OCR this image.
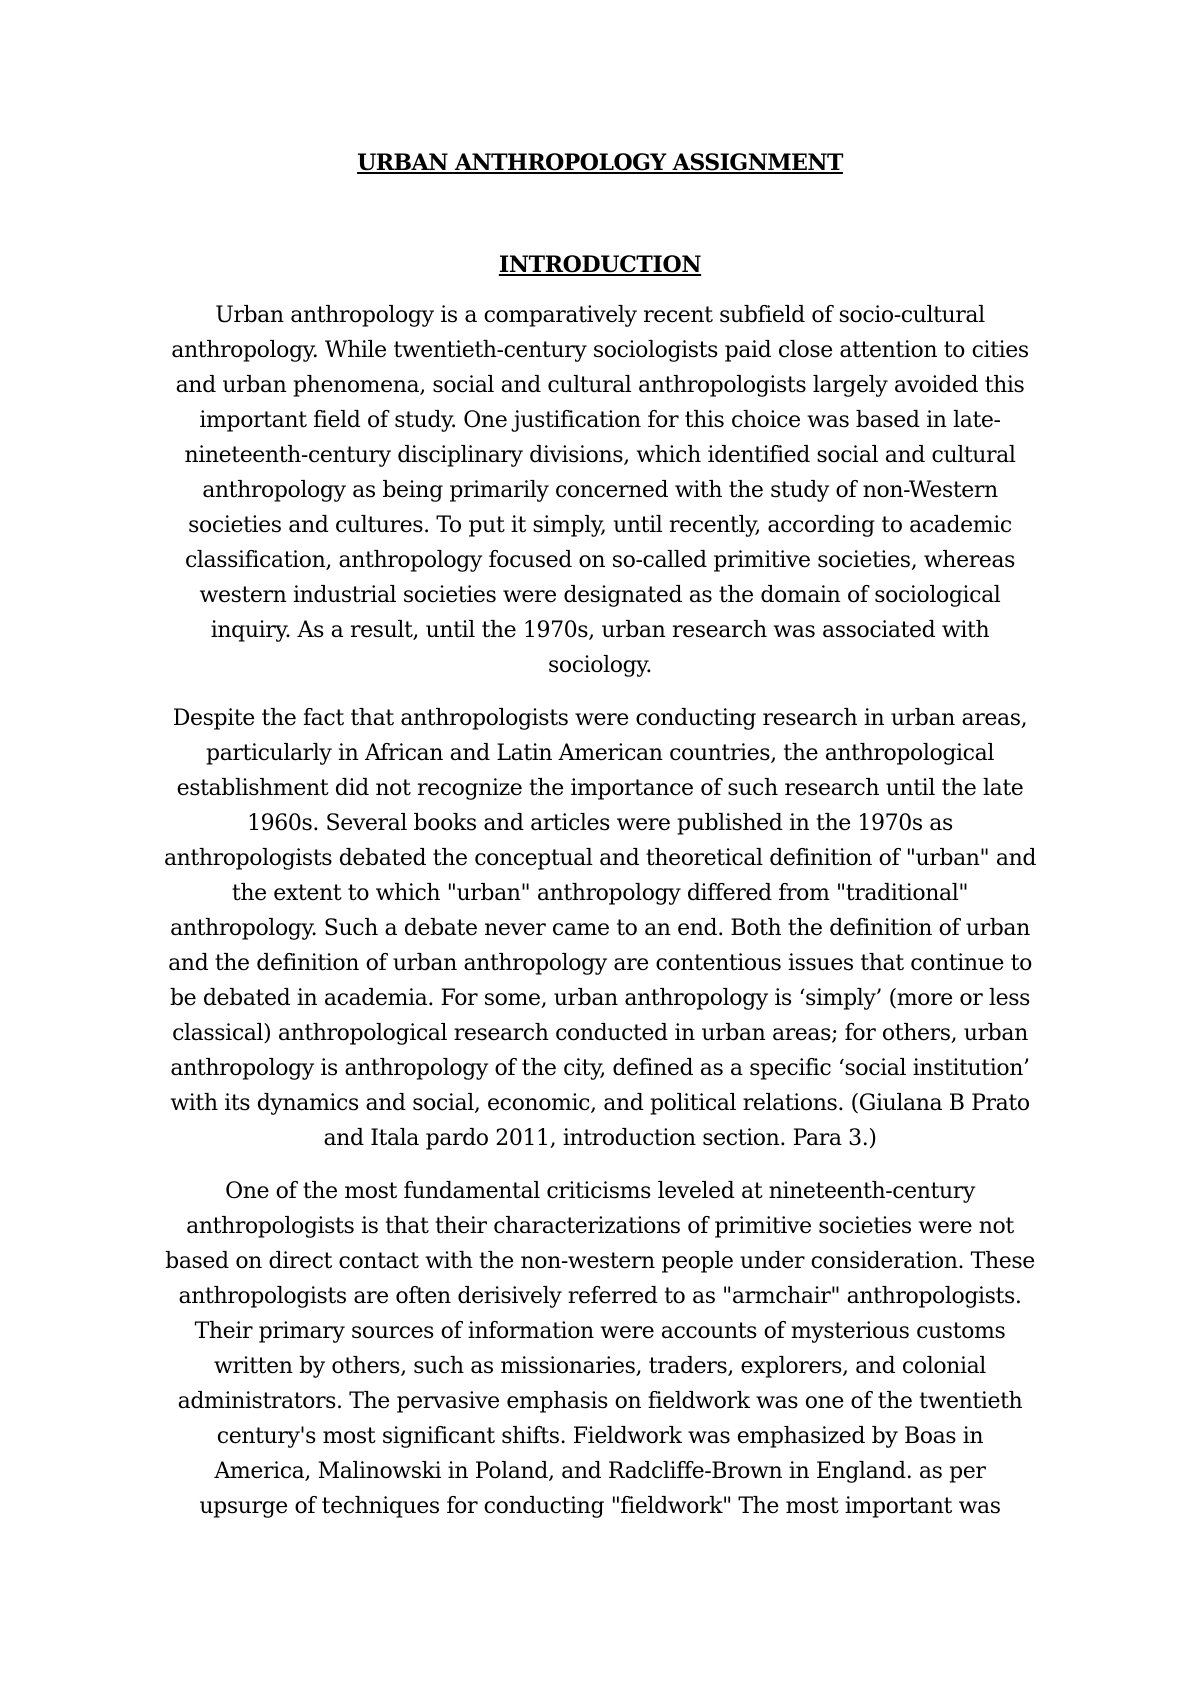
URBAN ANTHROPOLOGY ASSIGNMENT
INTRODUCTION

Urban anthropology is a comparatively recent subfield of socio-cultural
anthropology. While twentieth-century sociologists paid close attention to cities
and urban phenomena, social and cultural anthropologists largely avoided this
important field of study. One justification for this choice was based in late-
nineteenth-century disciplinary divisions, which identified social and cultural
anthropology as being primarily concerned with the study of non-Western
societies and cultures. To put it simply, until recently, according to academic
classification, anthropology focused on so-called primitive societies, whereas
western industrial societies were designated as the domain of sociological
inquiry. As a result, until the 1970s, urban research was associated with
sociology.

Despite the fact that anthropologists were conducting research in urban areas,
particularly in African and Latin American countries, the anthropological
establishment did not recognize the importance of such research until the late
1960s. Several books and articles were published in the 1970s as
anthropologists debated the conceptual and theoretical definition of "urban" and
the extent to which "urban" anthropology differed from "traditional"
anthropology. Such a debate never came to an end. Both the definition of urban
and the definition of urban anthropology are contentious issues that continue to
be debated in academia. For some, urban anthropology is ‘simply’ (more or less
classical) anthropological research conducted in urban areas; for others, urban
anthropology is anthropology of the city, defined as a specific ‘social institution’
with its dynamics and social, economic, and political relations. (Giulana B Prato
and Itala pardo 2011, introduction section. Para 3.)

One of the most fundamental criticisms leveled at nineteenth-century
anthropologists is that their characterizations of primitive societies were not
based on direct contact with the non-western people under consideration. These
anthropologists are often derisively referred to as "armchair" anthropologists.
Their primary sources of information were accounts of mysterious customs
written by others, such as missionaries, traders, explorers, and colonial
administrators. The pervasive emphasis on fieldwork was one of the twentieth
century's most significant shifts. Fieldwork was emphasized by Boas in
America, Malinowski in Poland, and Radcliffe-Brown in England. as per
upsurge of techniques for conducting "fieldwork" The most important was
